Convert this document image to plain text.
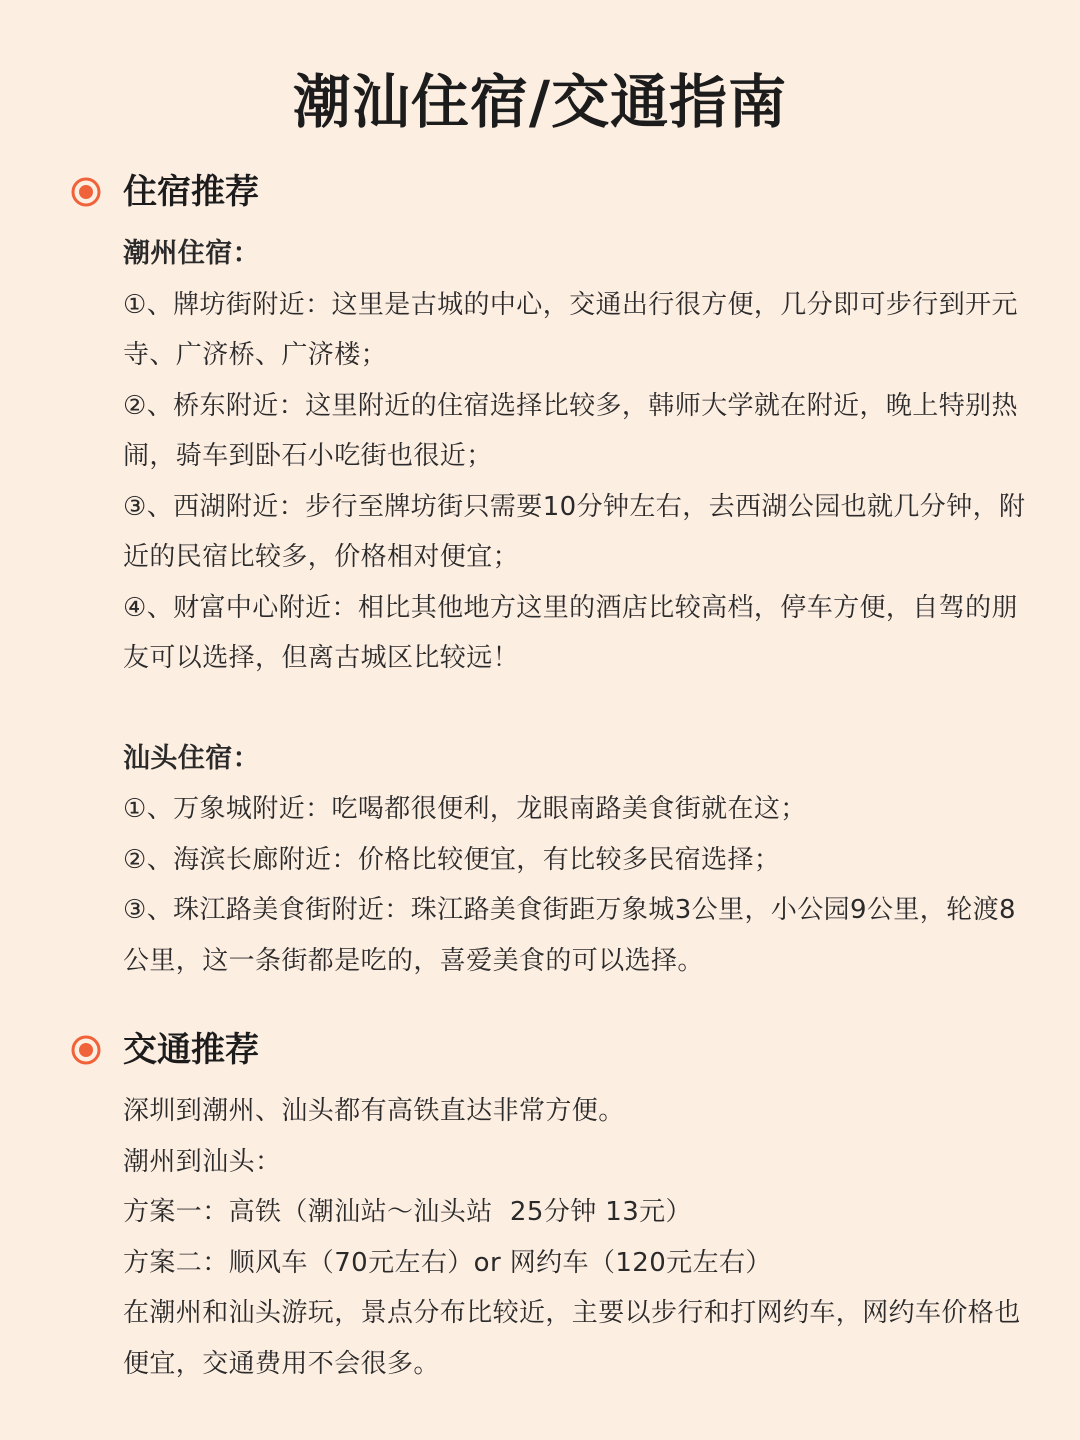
潮汕住宿/交通指南
住宿推荐

潮州住宿：

①、牌坊街附近：这里是古城的中心，交通出行很方便，几分即可步行到开元寺、广济桥、广济楼；

②、桥东附近：这里附近的住宿选择比较多，韩师大学就在附近，晚上特别热闹，骑车到卧石小吃街也很近；

③、西湖附近：步行至牌坊街只需要10分钟左右，去西湖公园也就几分钟，附近的民宿比较多，价格相对便宜；

④、财富中心附近：相比其他地方这里的酒店比较高档，停车方便，自驾的朋友可以选择，但离古城区比较远！

汕头住宿：

①、万象城附近：吃喝都很便利，龙眼南路美食街就在这；

②、海滨长廊附近：价格比较便宜，有比较多民宿选择；

③、珠江路美食街附近：珠江路美食街距万象城3公里，小公园9公里，轮渡8公里，这一条街都是吃的，喜爱美食的可以选择。

交通推荐

深圳到潮州、汕头都有高铁直达非常方便。

潮州到汕头：

方案一：高铁（潮汕站～汕头站  25分钟 13元）

方案二：顺风车（70元左右）or 网约车（120元左右）

在潮州和汕头游玩，景点分布比较近，主要以步行和打网约车，网约车价格也便宜，交通费用不会很多。
